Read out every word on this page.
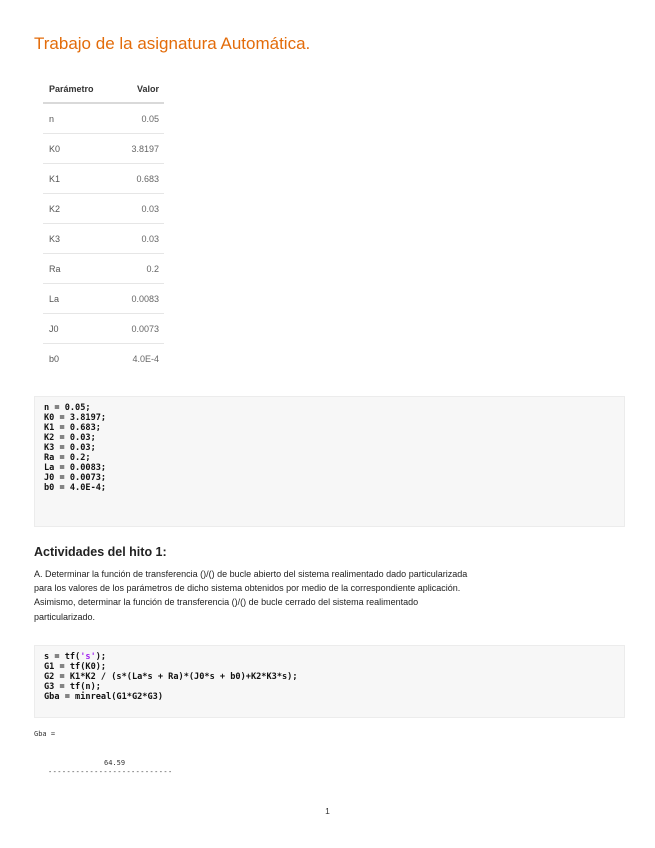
Trabajo de la asignatura Automática.
Parámetro	Valor
n	0.05
K0	3.8197
K1	0.683
K2	0.03
K3	0.03
Ra	0.2
La	0.0083
J0	0.0073
b0	4.0E-4
n = 0.05;
K0 = 3.8197;
K1 = 0.683;
K2 = 0.03;
K3 = 0.03;
Ra = 0.2;
La = 0.0083;
J0 = 0.0073;
b0 = 4.0E-4;
Actividades del hito 1:

A. Determinar la función de transferencia ()/() de bucle abierto del sistema realimentado dado particularizada
para los valores de los parámetros de dicho sistema obtenidos por medio de la correspondiente aplicación.
Asimismo, determinar la función de transferencia ()/() de bucle cerrado del sistema realimentado
particularizado.

s = tf('s');
G1 = tf(K0);
G2 = K1*K2 / (s*(La*s + Ra)*(J0*s + b0)+K2*K3*s);
G3 = tf(n);
Gba = minreal(G1*G2*G3)
Gba =
64.59
---------------------------
1
